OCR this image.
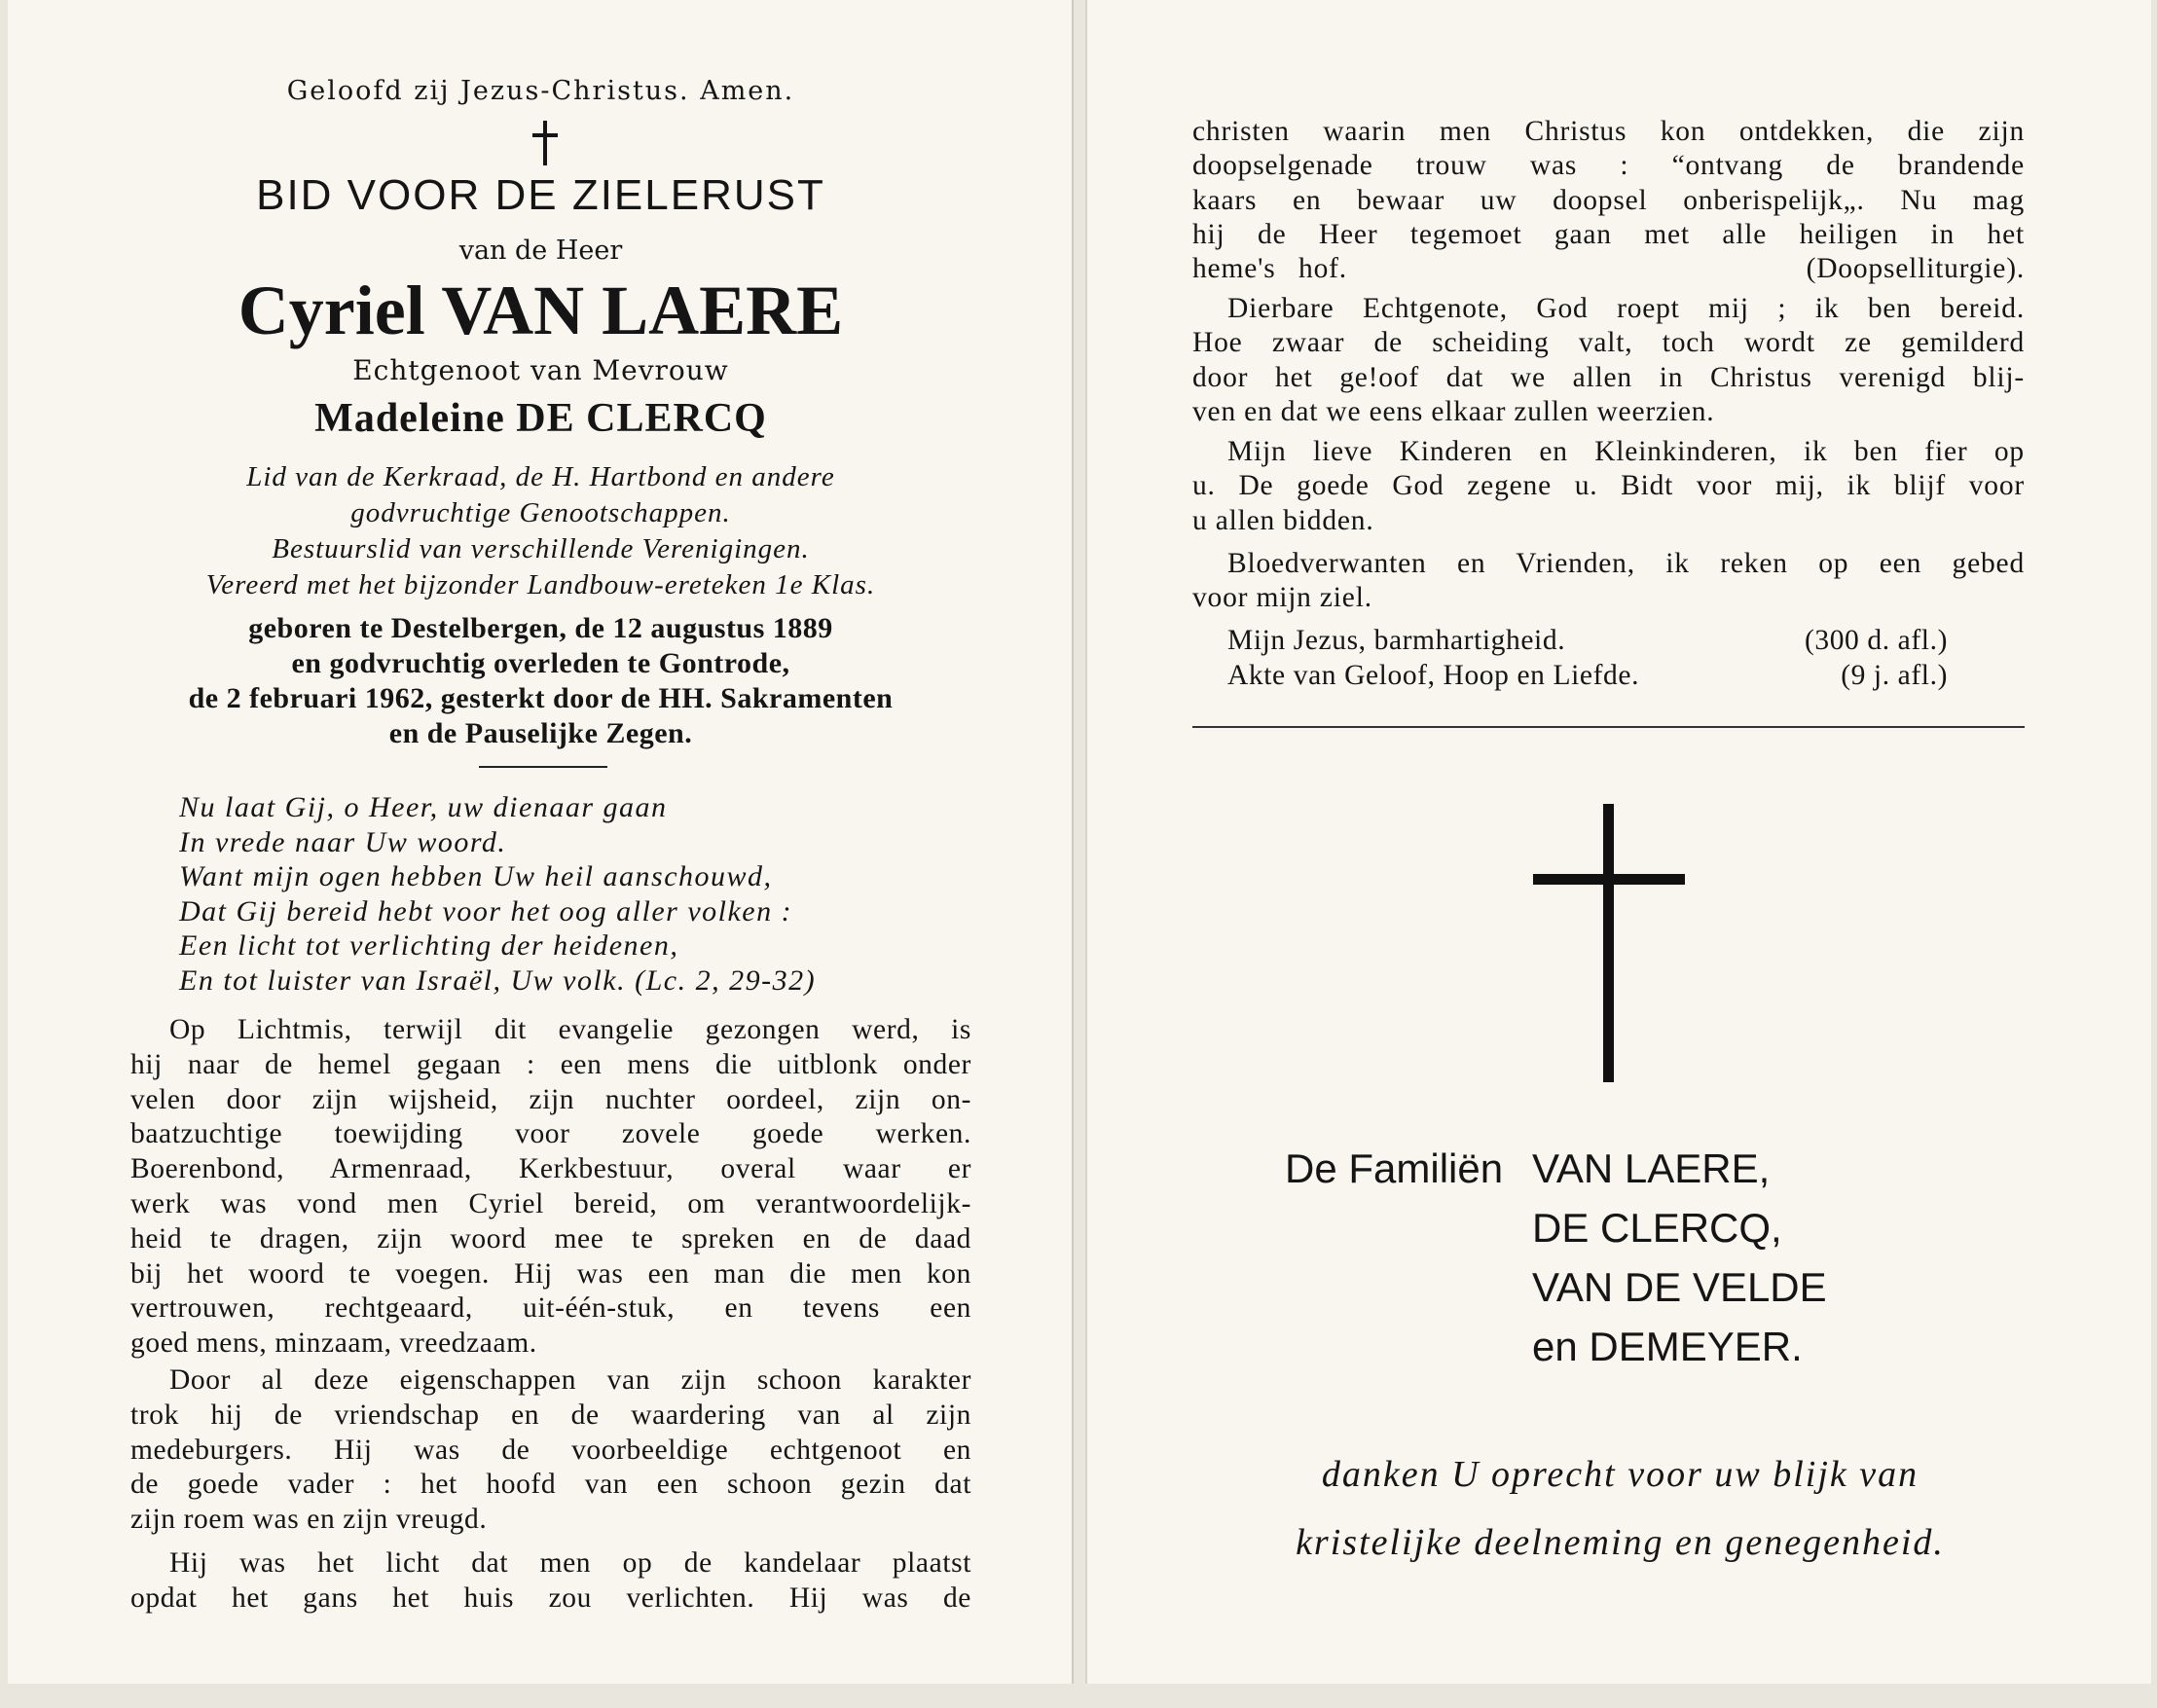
Geloofd zij Jezus-Christus. Amen.
BID VOOR DE ZIELERUST
van de Heer
Cyriel VAN LAERE
Echtgenoot van Mevrouw
Madeleine DE CLERCQ
Lid van de Kerkraad, de H. Hartbond en andere
godvruchtige Genootschappen.
Bestuurslid van verschillende Verenigingen.
Vereerd met het bijzonder Landbouw-ereteken 1e Klas.
geboren te Destelbergen, de 12 augustus 1889
en godvruchtig overleden te Gontrode,
de 2 februari 1962, gesterkt door de HH. Sakramenten
en de Pauselijke Zegen.
Nu laat Gij, o Heer, uw dienaar gaan
In vrede naar Uw woord.
Want mijn ogen hebben Uw heil aanschouwd,
Dat Gij bereid hebt voor het oog aller volken :
Een licht tot verlichting der heidenen,
En tot luister van Israël, Uw volk. (Lc. 2, 29-32)
Op Lichtmis, terwijl dit evangelie gezongen werd, is
hij naar de hemel gegaan : een mens die uitblonk onder
velen door zijn wijsheid, zijn nuchter oordeel, zijn on-
baatzuchtige toewijding voor zovele goede werken.
Boerenbond, Armenraad, Kerkbestuur, overal waar er
werk was vond men Cyriel bereid, om verantwoordelijk-
heid te dragen, zijn woord mee te spreken en de daad
bij het woord te voegen. Hij was een man die men kon
vertrouwen, rechtgeaard, uit-één-stuk, en tevens een
goed mens, minzaam, vreedzaam.
Door al deze eigenschappen van zijn schoon karakter
trok hij de vriendschap en de waardering van al zijn
medeburgers. Hij was de voorbeeldige echtgenoot en
de goede vader : het hoofd van een schoon gezin dat
zijn roem was en zijn vreugd.
Hij was het licht dat men op de kandelaar plaatst
opdat het gans het huis zou verlichten. Hij was de
christen waarin men Christus kon ontdekken, die zijn
doopselgenade trouw was : “ontvang de brandende
kaars en bewaar uw doopsel onberispelijk„. Nu mag
hij de Heer tegemoet gaan met alle heiligen in het
heme's hof.                    (Doopselliturgie).
Dierbare Echtgenote, God roept mij ; ik ben bereid.
Hoe zwaar de scheiding valt, toch wordt ze gemilderd
door het ge!oof dat we allen in Christus verenigd blij-
ven en dat we eens elkaar zullen weerzien.
Mijn lieve Kinderen en Kleinkinderen, ik ben fier op
u. De goede God zegene u. Bidt voor mij, ik blijf voor
u allen bidden.
Bloedverwanten en Vrienden, ik reken op een gebed
voor mijn ziel.
Mijn Jezus, barmhartigheid.	(300 d. afl.)
Akte van Geloof, Hoop en Liefde.	(9 j. afl.)
De Familiën VAN LAERE,
DE CLERCQ,
VAN DE VELDE
en DEMEYER.
danken U oprecht voor uw blijk van
kristelijke deelneming en genegenheid.
